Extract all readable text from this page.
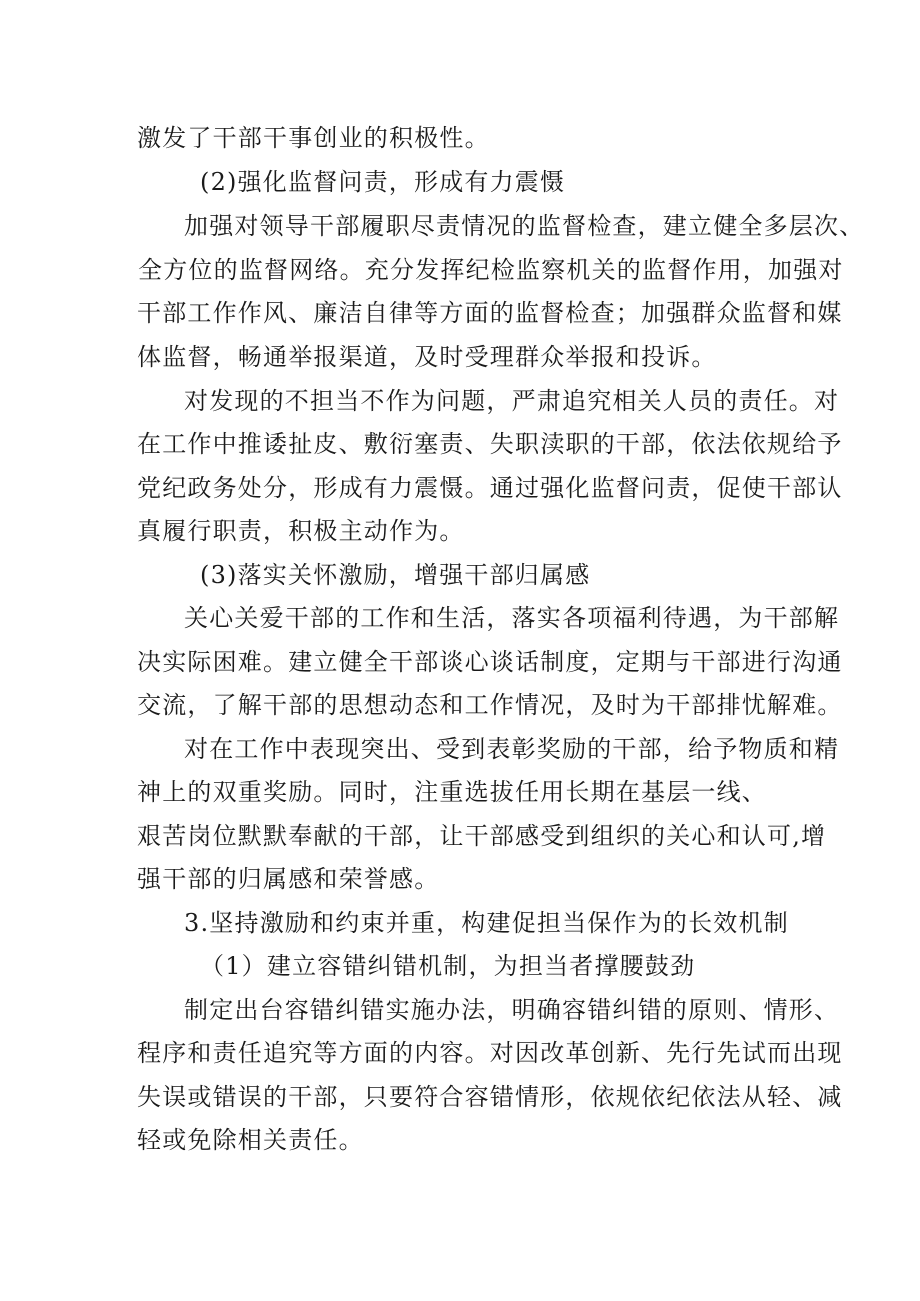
激发了干部干事创业的积极性。
(2)强化监督问责，形成有力震慑
加强对领导干部履职尽责情况的监督检查，建立健全多层次、
全方位的监督网络。充分发挥纪检监察机关的监督作用，加强对
干部工作作风、廉洁自律等方面的监督检查；加强群众监督和媒
体监督，畅通举报渠道，及时受理群众举报和投诉。
对发现的不担当不作为问题，严肃追究相关人员的责任。对
在工作中推诿扯皮、敷衍塞责、失职渎职的干部，依法依规给予
党纪政务处分，形成有力震慑。通过强化监督问责，促使干部认
真履行职责，积极主动作为。
(3)落实关怀激励，增强干部归属感
关心关爱干部的工作和生活，落实各项福利待遇，为干部解
决实际困难。建立健全干部谈心谈话制度，定期与干部进行沟通
交流，了解干部的思想动态和工作情况，及时为干部排忧解难。
对在工作中表现突出、受到表彰奖励的干部，给予物质和精
神上的双重奖励。同时，注重选拔任用长期在基层一线、
艰苦岗位默默奉献的干部，让干部感受到组织的关心和认可,增
强干部的归属感和荣誉感。
3.坚持激励和约束并重，构建促担当保作为的长效机制
（1）建立容错纠错机制，为担当者撑腰鼓劲
制定出台容错纠错实施办法，明确容错纠错的原则、情形、
程序和责任追究等方面的内容。对因改革创新、先行先试而出现
失误或错误的干部，只要符合容错情形，依规依纪依法从轻、减
轻或免除相关责任。
